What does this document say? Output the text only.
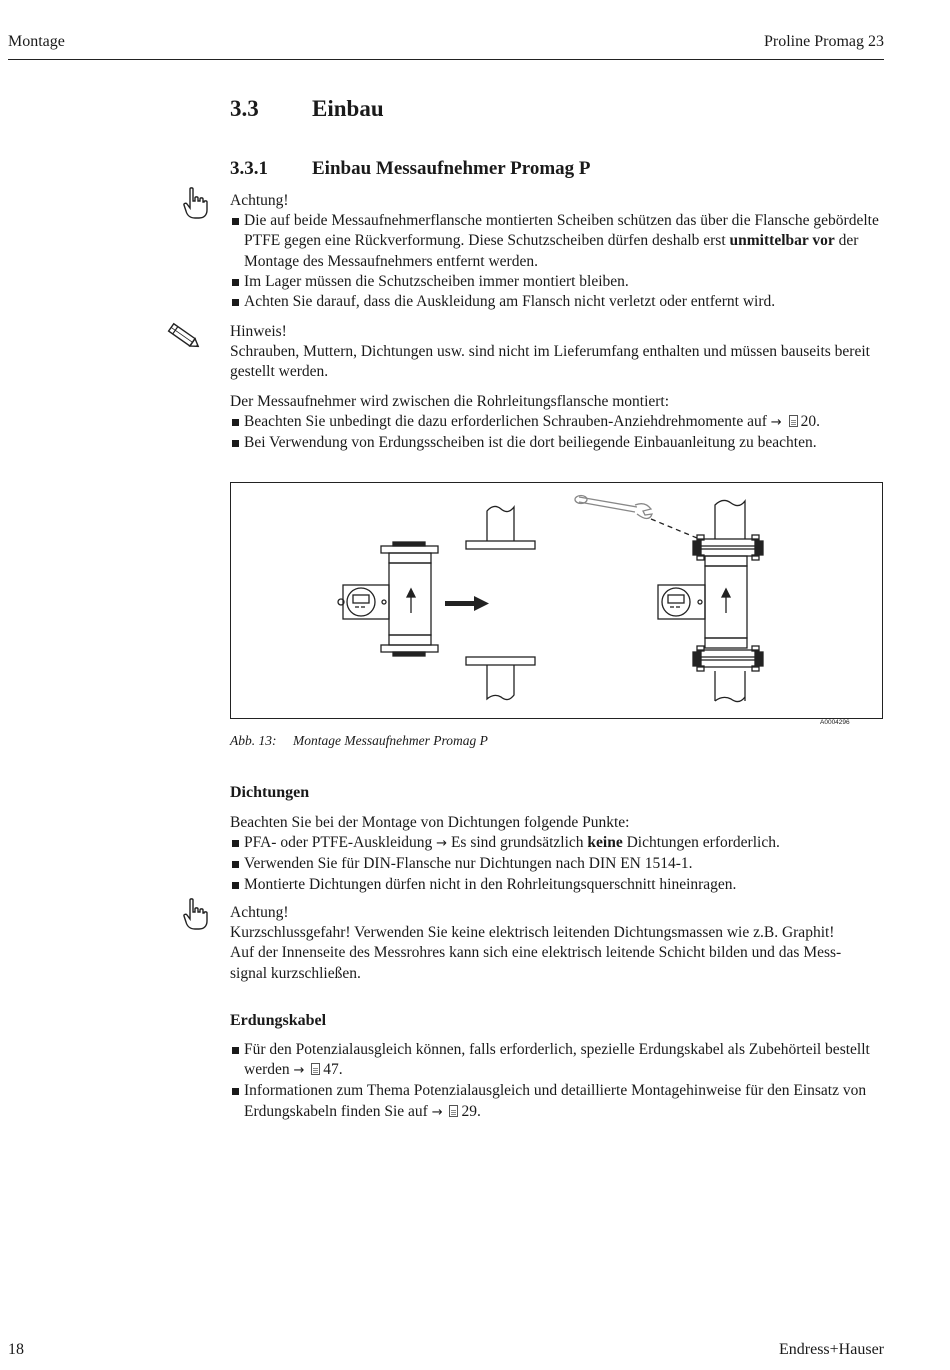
Montage	Proline Promag 23
3.3 Einbau
3.3.1 Einbau Messaufnehmer Promag P

Achtung!

Die auf beide Messaufnehmerflansche montierten Scheiben schützen das über die Flansche gebördelte PTFE gegen eine Rückverformung. Diese Schutzscheiben dürfen deshalb erst unmittelbar vor der Montage des Messaufnehmers entfernt werden.
Im Lager müssen die Schutzscheiben immer montiert bleiben.
Achten Sie darauf, dass die Auskleidung am Flansch nicht verletzt oder entfernt wird.

Hinweis!

Schrauben, Muttern, Dichtungen usw. sind nicht im Lieferumfang enthalten und müssen bauseits bereit gestellt werden.

Der Messaufnehmer wird zwischen die Rohrleitungsflansche montiert:

Beachten Sie unbedingt die dazu erforderlichen Schrauben-Anziehdrehmomente auf → 20.
Bei Verwendung von Erdungsscheiben ist die dort beiliegende Einbauanleitung zu beachten.
A0004296
Abb. 13: Montage Messaufnehmer Promag P
Dichtungen

Beachten Sie bei der Montage von Dichtungen folgende Punkte:

PFA- oder PTFE-Auskleidung → Es sind grundsätzlich keine Dichtungen erforderlich.
Verwenden Sie für DIN-Flansche nur Dichtungen nach DIN EN 1514-1.
Montierte Dichtungen dürfen nicht in den Rohrleitungsquerschnitt hineinragen.

Achtung!

Kurzschlussgefahr! Verwenden Sie keine elektrisch leitenden Dichtungsmassen wie z.B. Graphit!

Auf der Innenseite des Messrohres kann sich eine elektrisch leitende Schicht bilden und das Mess-

signal kurzschließen.

Erdungskabel
Für den Potenzialausgleich können, falls erforderlich, spezielle Erdungskabel als Zubehörteil bestellt werden → 47.
Informationen zum Thema Potenzialausgleich und detaillierte Montagehinweise für den Einsatz von Erdungskabeln finden Sie auf → 29.
18	Endress+Hauser
